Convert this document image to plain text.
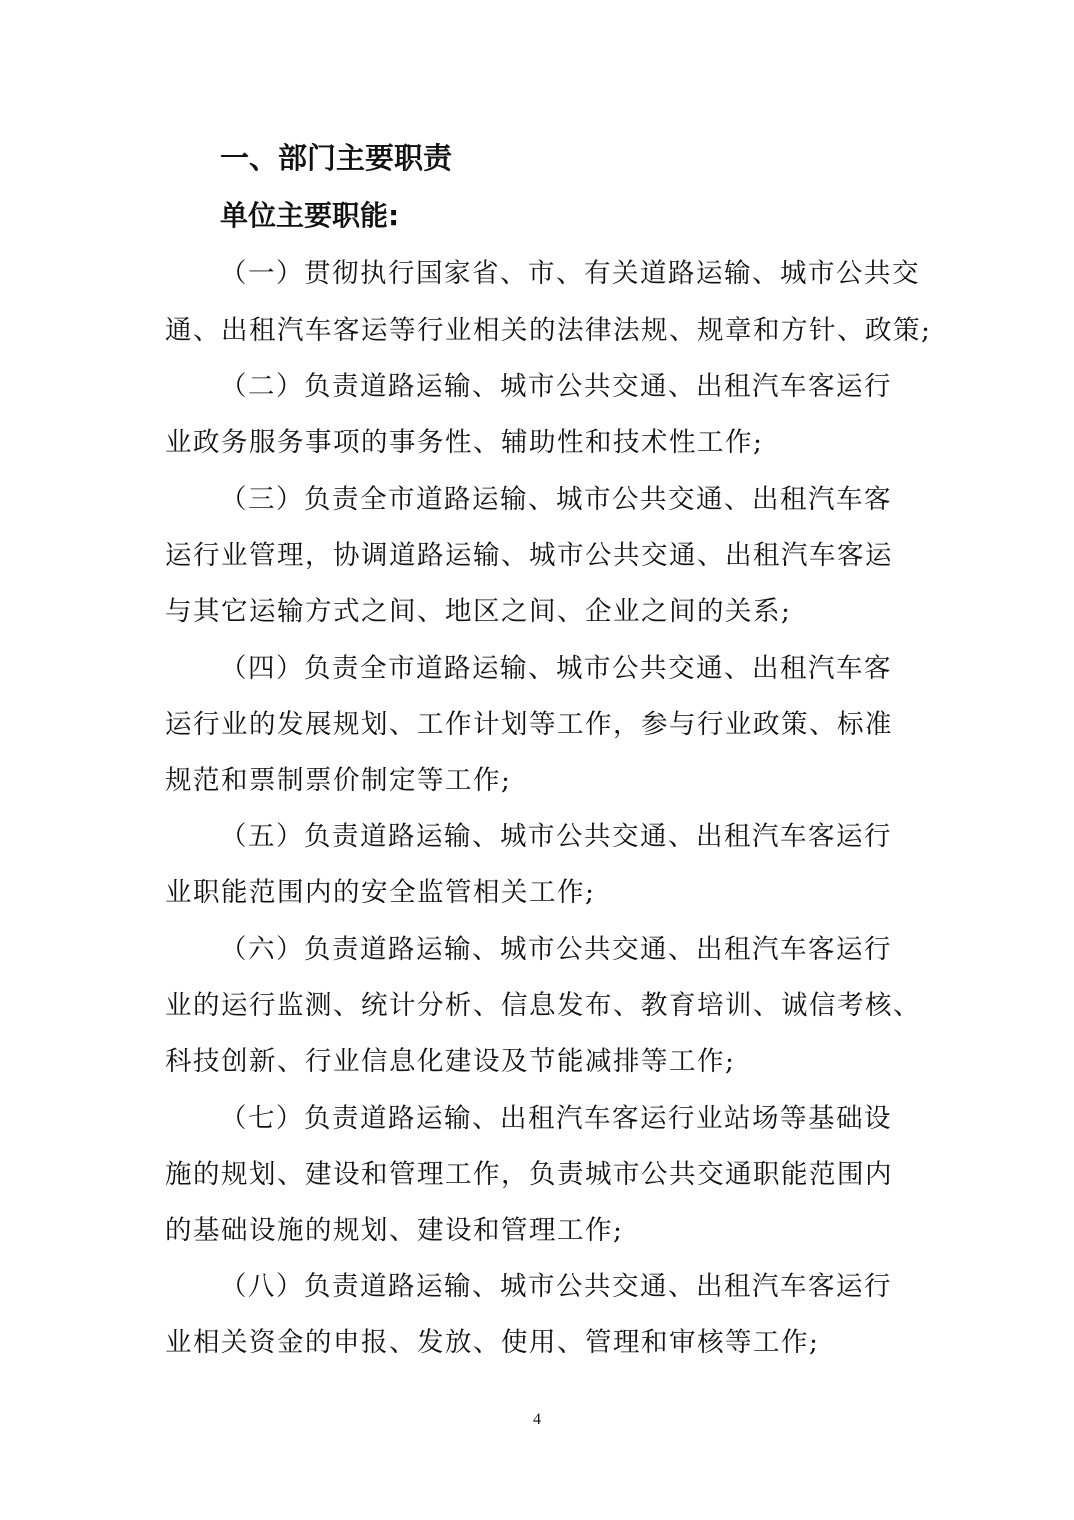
一、部门主要职责
单位主要职能:
（一）贯彻执行国家省、市、有关道路运输、城市公共交
通、出租汽车客运等行业相关的法律法规、规章和方针、政策;
（二）负责道路运输、城市公共交通、出租汽车客运行
业政务服务事项的事务性、辅助性和技术性工作;
（三）负责全市道路运输、城市公共交通、出租汽车客
运行业管理，协调道路运输、城市公共交通、出租汽车客运
与其它运输方式之间、地区之间、企业之间的关系;
（四）负责全市道路运输、城市公共交通、出租汽车客
运行业的发展规划、工作计划等工作，参与行业政策、标准
规范和票制票价制定等工作;
（五）负责道路运输、城市公共交通、出租汽车客运行
业职能范围内的安全监管相关工作;
（六）负责道路运输、城市公共交通、出租汽车客运行
业的运行监测、统计分析、信息发布、教育培训、诚信考核、
科技创新、行业信息化建设及节能减排等工作;
（七）负责道路运输、出租汽车客运行业站场等基础设
施的规划、建设和管理工作，负责城市公共交通职能范围内
的基础设施的规划、建设和管理工作;
（八）负责道路运输、城市公共交通、出租汽车客运行
业相关资金的申报、发放、使用、管理和审核等工作;
4
